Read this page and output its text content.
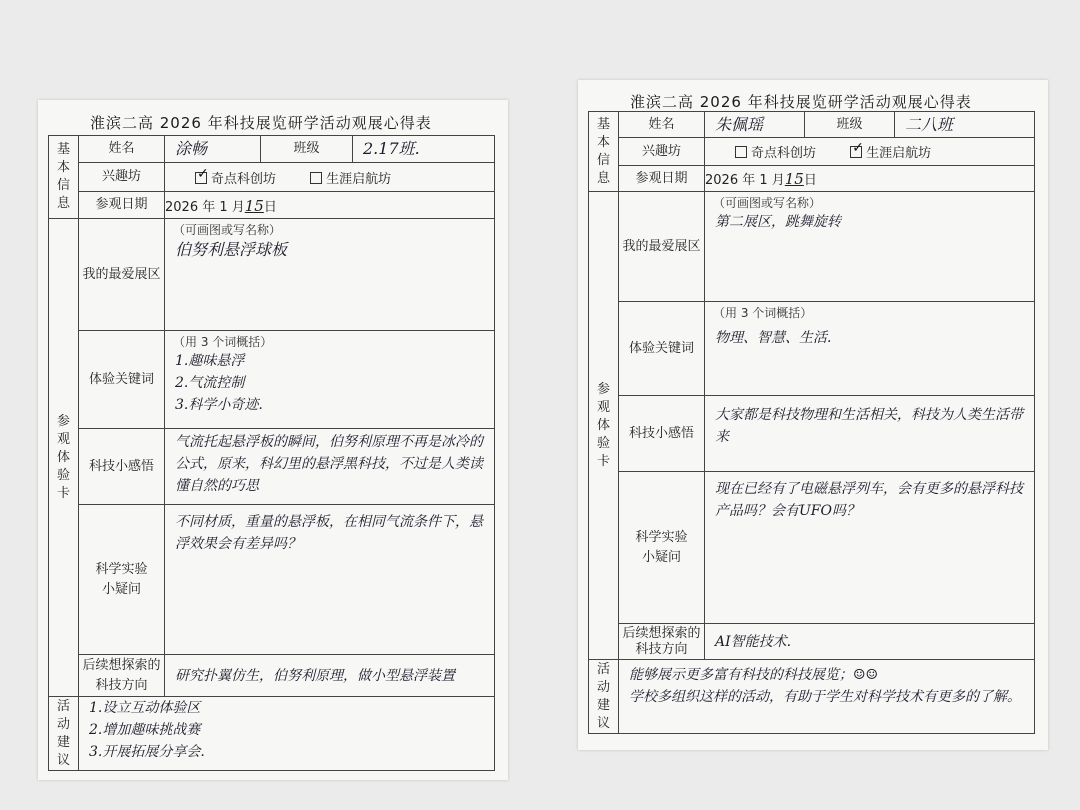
淮滨二高 2026 年科技展览研学活动观展心得表
基
本
信
息	姓名	涂畅	班级	2.17班.

	兴趣坊	✓奇点科创坊 生涯启航坊
	参观日期	2026 年 1 月15日		

参
观
体
验
卡	我的最爱展区	（可画图或写名称）
伯努利悬浮球板		

	体验关键词	（用 3 个词概括）
1.趣味悬浮
2.气流控制
3.科学小奇迹.		

	科技小感悟	气流托起悬浮板的瞬间，伯努利原理不再是冰冷的公式，原来，科幻里的悬浮黑科技，不过是人类读懂自然的巧思		

	科学实验
小疑问	不同材质，重量的悬浮板，在相同气流条件下，悬浮效果会有差异吗？		

	后续想探索的
科技方向	研究扑翼仿生，伯努利原理，做小型悬浮装置		

活
动
建
议	1.设立互动体验区
2.增加趣味挑战赛
3.开展拓展分享会.			
淮滨二高 2026 年科技展览研学活动观展心得表
基
本
信
息	姓名	朱佩瑶	班级	二八班

	兴趣坊	奇点科创坊 ✓ 生涯启航坊
	参观日期	2026 年 1 月15日		

参
观
体
验
卡	我的最爱展区	（可画图或写名称）
第二展区，跳舞旋转		

	体验关键词	（用 3 个词概括）
物理、智慧、生活.		

	科技小感悟	大家都是科技物理和生活相关，科技为人类生活带来		

	科学实验
小疑问	现在已经有了电磁悬浮列车，会有更多的悬浮科技产品吗？会有UFO吗？		

	后续想探索的
科技方向	AI智能技术.		

活
动
建
议	能够展示更多富有科技的科技展览；☺☺
学校多组织这样的活动，有助于学生对科学技术有更多的了解。			
